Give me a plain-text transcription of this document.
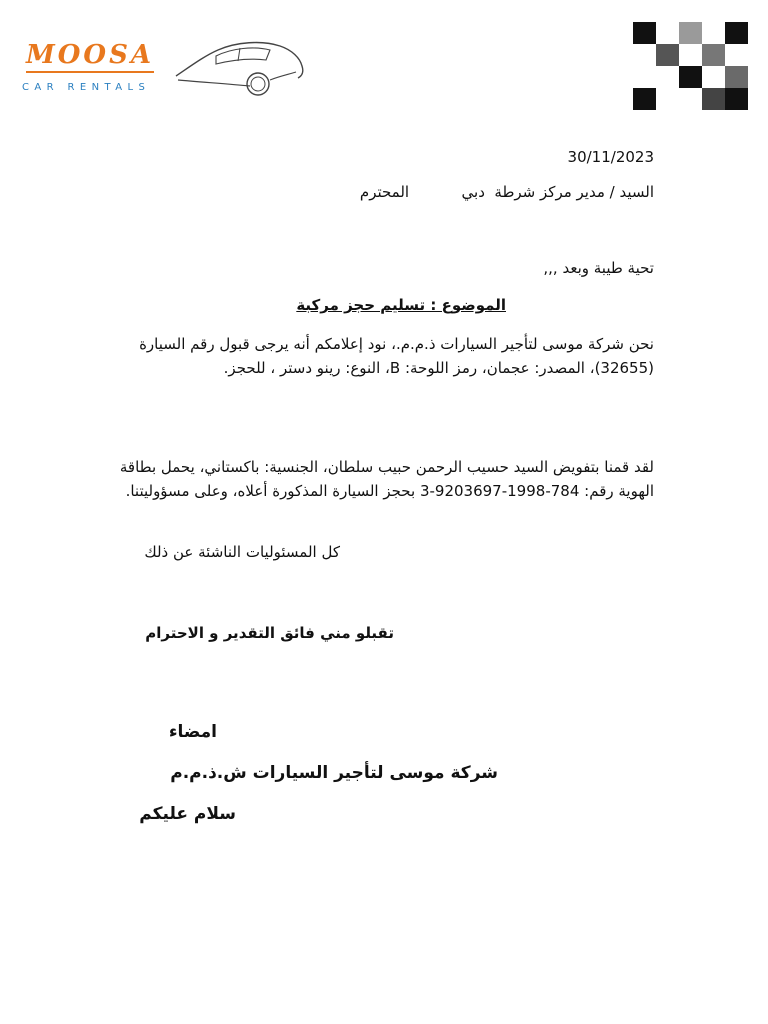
MOOSA
CAR RENTALS
30/11/2023
السيد / مدير مركز شرطة  دبي           المحترم
تحية طيبة وبعد ,,,
الموضوع : تسليم حجز مركبة
نحن شركة موسى لتأجير السيارات ذ.م.م.، نود إعلامكم أنه يرجى قبول رقم السيارة (32655)، المصدر: عجمان، رمز اللوحة: B، النوع: رينو دستر ، للحجز.
لقد قمنا بتفويض السيد حسيب الرحمن حبيب سلطان، الجنسية: باكستاني، يحمل بطاقة الهوية رقم: 784-1998-9203697-3 بحجز السيارة المذكورة أعلاه، وعلى مسؤوليتنا.
كل المسئوليات الناشئة عن ذلك
تقبلو مني فائق التقدير و الاحترام
امضاء
شركة موسى لتأجير السيارات ش.ذ.م.م
سلام عليكم
